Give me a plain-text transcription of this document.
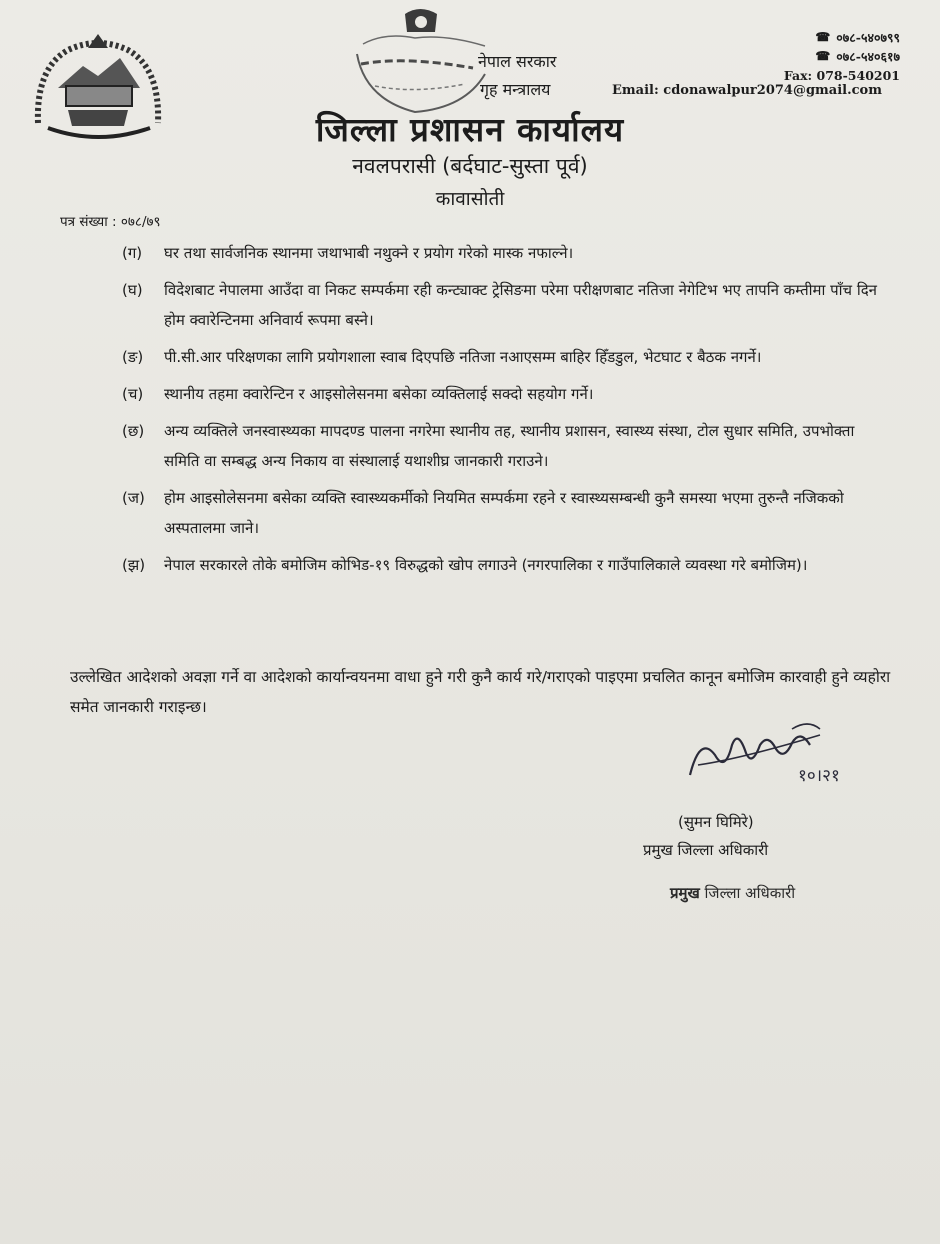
☎ ०७८-५४०७९९
☎ ०७८-५४०६१७
Fax: 078-540201
नेपाल सरकार
गृह मन्त्रालय	Email: cdonawalpur2074@gmail.com
जिल्ला प्रशासन कार्यालय
नवलपरासी (बर्दघाट-सुस्ता पूर्व)
कावासोती
पत्र संख्या : ०७८/७९
(ग)	घर तथा सार्वजनिक स्थानमा जथाभाबी नथुक्ने र प्रयोग गरेको मास्क नफाल्ने।
(घ)	विदेशबाट नेपालमा आउँदा वा निकट सम्पर्कमा रही कन्ट्याक्ट ट्रेसिङमा परेमा परीक्षणबाट नतिजा नेगेटिभ भए तापनि कम्तीमा पाँच दिन होम क्वारेन्टिनमा अनिवार्य रूपमा बस्ने।
(ङ)	पी.सी.आर परिक्षणका लागि प्रयोगशाला स्वाब दिएपछि नतिजा नआएसम्म बाहिर हिँडडुल, भेटघाट र बैठक नगर्ने।
(च)	स्थानीय तहमा क्वारेन्टिन र आइसोलेसनमा बसेका व्यक्तिलाई सक्दो सहयोग गर्ने।
(छ)	अन्य व्यक्तिले जनस्वास्थ्यका मापदण्ड पालना नगरेमा स्थानीय तह, स्थानीय प्रशासन, स्वास्थ्य संस्था, टोल सुधार समिति, उपभोक्ता समिति वा सम्बद्ध अन्य निकाय वा संस्थालाई यथाशीघ्र जानकारी गराउने।
(ज)	होम आइसोलेसनमा बसेका व्यक्ति स्वास्थ्यकर्मीको नियमित सम्पर्कमा रहने र स्वास्थ्यसम्बन्धी कुनै समस्या भएमा तुरुन्तै नजिकको अस्पतालमा जाने।
(झ)	नेपाल सरकारले तोके बमोजिम कोभिड-१९ विरुद्धको खोप लगाउने (नगरपालिका र गाउँपालिकाले व्यवस्था गरे बमोजिम)।
उल्लेखित आदेशको अवज्ञा गर्ने वा आदेशको कार्यान्वयनमा वाधा हुने गरी कुनै कार्य गरे/गराएको पाइएमा प्रचलित कानून बमोजिम कारवाही हुने व्यहोरा समेत जानकारी गराइन्छ।
१०।२१
(सुमन घिमिरे)
प्रमुख जिल्ला अधिकारी
प्रमुख जिल्ला अधिकारी
